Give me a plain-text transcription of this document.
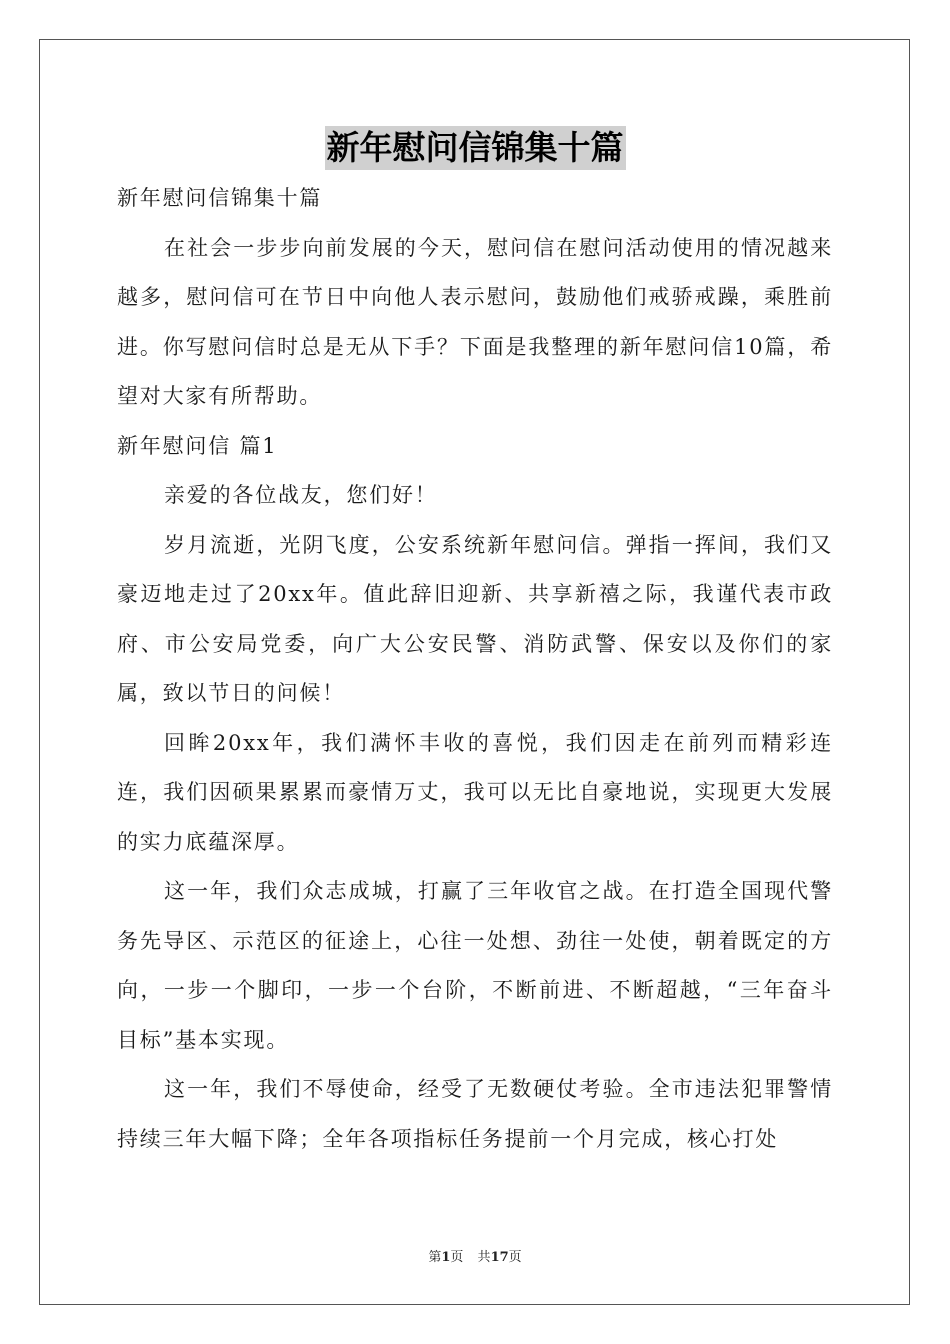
新年慰问信锦集十篇

新年慰问信锦集十篇

在社会一步步向前发展的今天，慰问信在慰问活动使用的情况越来越多，慰问信可在节日中向他人表示慰问，鼓励他们戒骄戒躁，乘胜前进。你写慰问信时总是无从下手？下面是我整理的新年慰问信10篇，希望对大家有所帮助。

新年慰问信 篇1

亲爱的各位战友，您们好！

岁月流逝，光阴飞度，公安系统新年慰问信。弹指一挥间，我们又豪迈地走过了20xx年。值此辞旧迎新、共享新禧之际，我谨代表市政府、市公安局党委，向广大公安民警、消防武警、保安以及你们的家属，致以节日的问候！

回眸20xx年，我们满怀丰收的喜悦，我们因走在前列而精彩连连，我们因硕果累累而豪情万丈，我可以无比自豪地说，实现更大发展的实力底蕴深厚。

这一年，我们众志成城，打赢了三年收官之战。在打造全国现代警务先导区、示范区的征途上，心往一处想、劲往一处使，朝着既定的方向，一步一个脚印，一步一个台阶，不断前进、不断超越，“三年奋斗目标”基本实现。

这一年，我们不辱使命，经受了无数硬仗考验。全市违法犯罪警情持续三年大幅下降；全年各项指标任务提前一个月完成，核心打处

第1页 共17页
